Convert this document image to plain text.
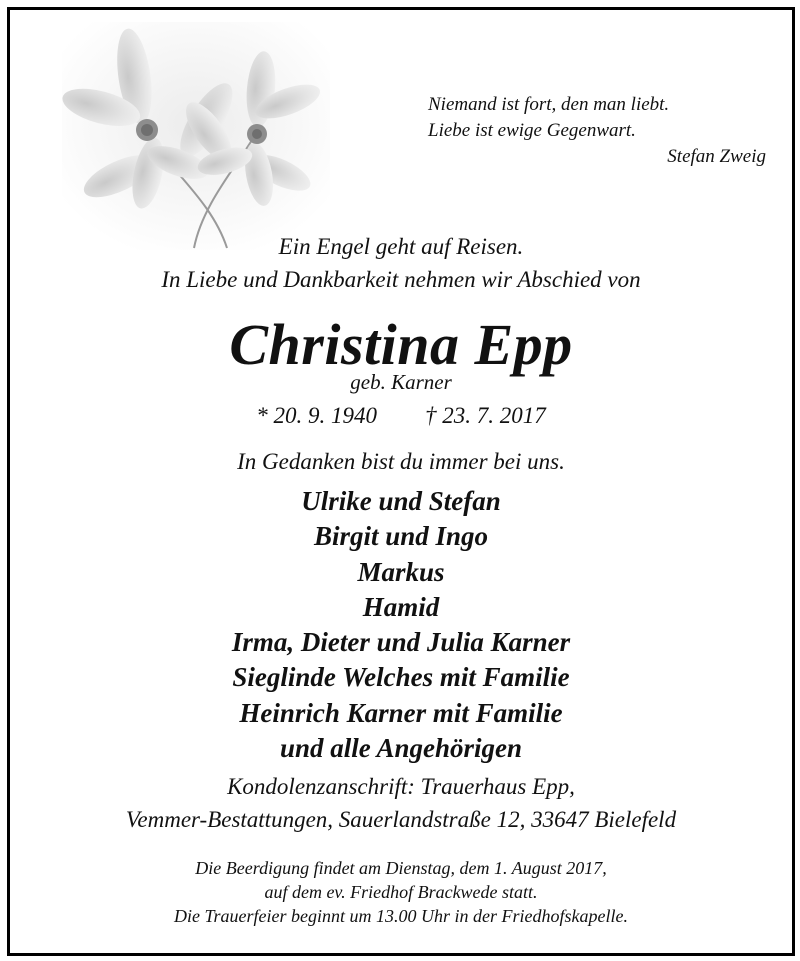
Niemand ist fort, den man liebt.
Liebe ist ewige Gegenwart.
Stefan Zweig
Ein Engel geht auf Reisen.
In Liebe und Dankbarkeit nehmen wir Abschied von
Christina Epp
geb. Karner
* 20. 9. 1940 † 23. 7. 2017
In Gedanken bist du immer bei uns.
Ulrike und Stefan
Birgit und Ingo
Markus
Hamid
Irma, Dieter und Julia Karner
Sieglinde Welches mit Familie
Heinrich Karner mit Familie
und alle Angehörigen
Kondolenzanschrift: Trauerhaus Epp,
Vemmer-Bestattungen, Sauerlandstraße 12, 33647 Bielefeld
Die Beerdigung findet am Dienstag, dem 1. August 2017,
auf dem ev. Friedhof Brackwede statt.
Die Trauerfeier beginnt um 13.00 Uhr in der Friedhofskapelle.
